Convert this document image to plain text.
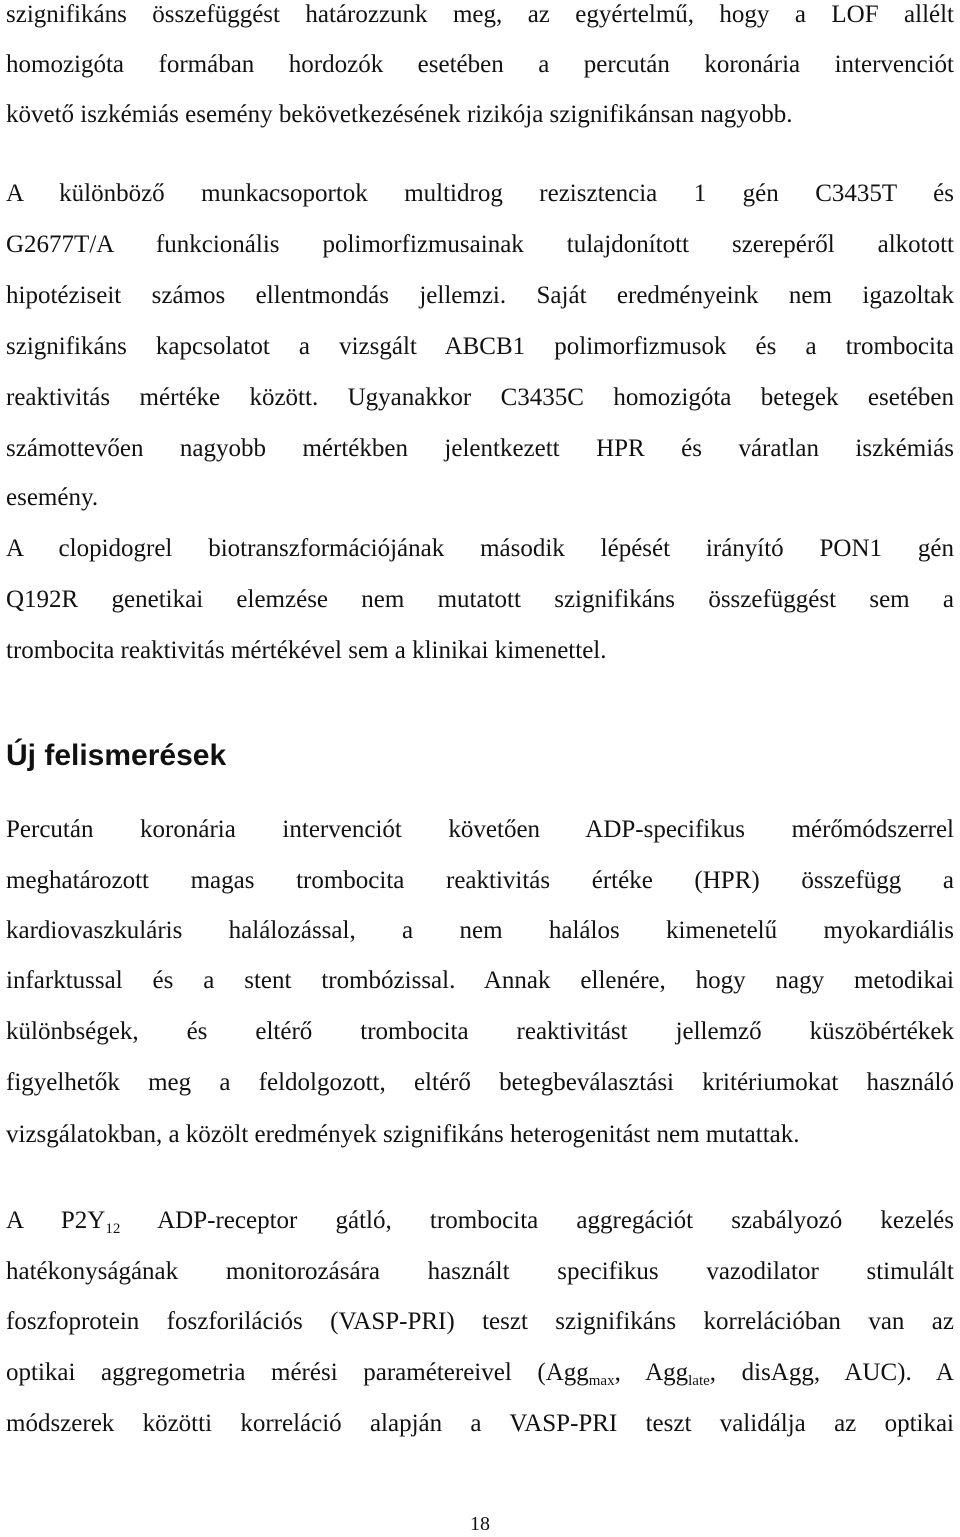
szignifikáns összefüggést határozzunk meg, az egyértelmű, hogy a LOF allélt
homozigóta formában hordozók esetében a percután koronária intervenciót
követő iszkémiás esemény bekövetkezésének rizikója szignifikánsan nagyobb.
A különböző munkacsoportok multidrog rezisztencia 1 gén C3435T és
G2677T/A funkcionális polimorfizmusainak tulajdonított szerepéről alkotott
hipotéziseit számos ellentmondás jellemzi. Saját eredményeink nem igazoltak
szignifikáns kapcsolatot a vizsgált ABCB1 polimorfizmusok és a trombocita
reaktivitás mértéke között. Ugyanakkor C3435C homozigóta betegek esetében
számottevően nagyobb mértékben jelentkezett HPR és váratlan iszkémiás
esemény.
A clopidogrel biotranszformációjának második lépését irányító PON1 gén
Q192R genetikai elemzése nem mutatott szignifikáns összefüggést sem a
trombocita reaktivitás mértékével sem a klinikai kimenettel.
Új felismerések
Percután koronária intervenciót követően ADP-specifikus mérőmódszerrel
meghatározott magas trombocita reaktivitás értéke (HPR) összefügg a
kardiovaszkuláris halálozással, a nem halálos kimenetelű myokardiális
infarktussal és a stent trombózissal. Annak ellenére, hogy nagy metodikai
különbségek, és eltérő trombocita reaktivitást jellemző küszöbértékek
figyelhetők meg a feldolgozott, eltérő betegbeválasztási kritériumokat használó
vizsgálatokban, a közölt eredmények szignifikáns heterogenitást nem mutattak.
A $P2Y_{12}$ ADP-receptor gátló, trombocita aggregációt szabályozó kezelés
hatékonyságának monitorozására használt specifikus vazodilator stimulált
foszfoprotein foszforilációs (VASP-PRI) teszt szignifikáns korrelációban van az
optikai aggregometria mérési paramétereivel (Agg$_{max}$, Agg$_{late}$, disAgg, AUC). A
módszerek közötti korreláció alapján a VASP-PRI teszt validálja az optikai
18
